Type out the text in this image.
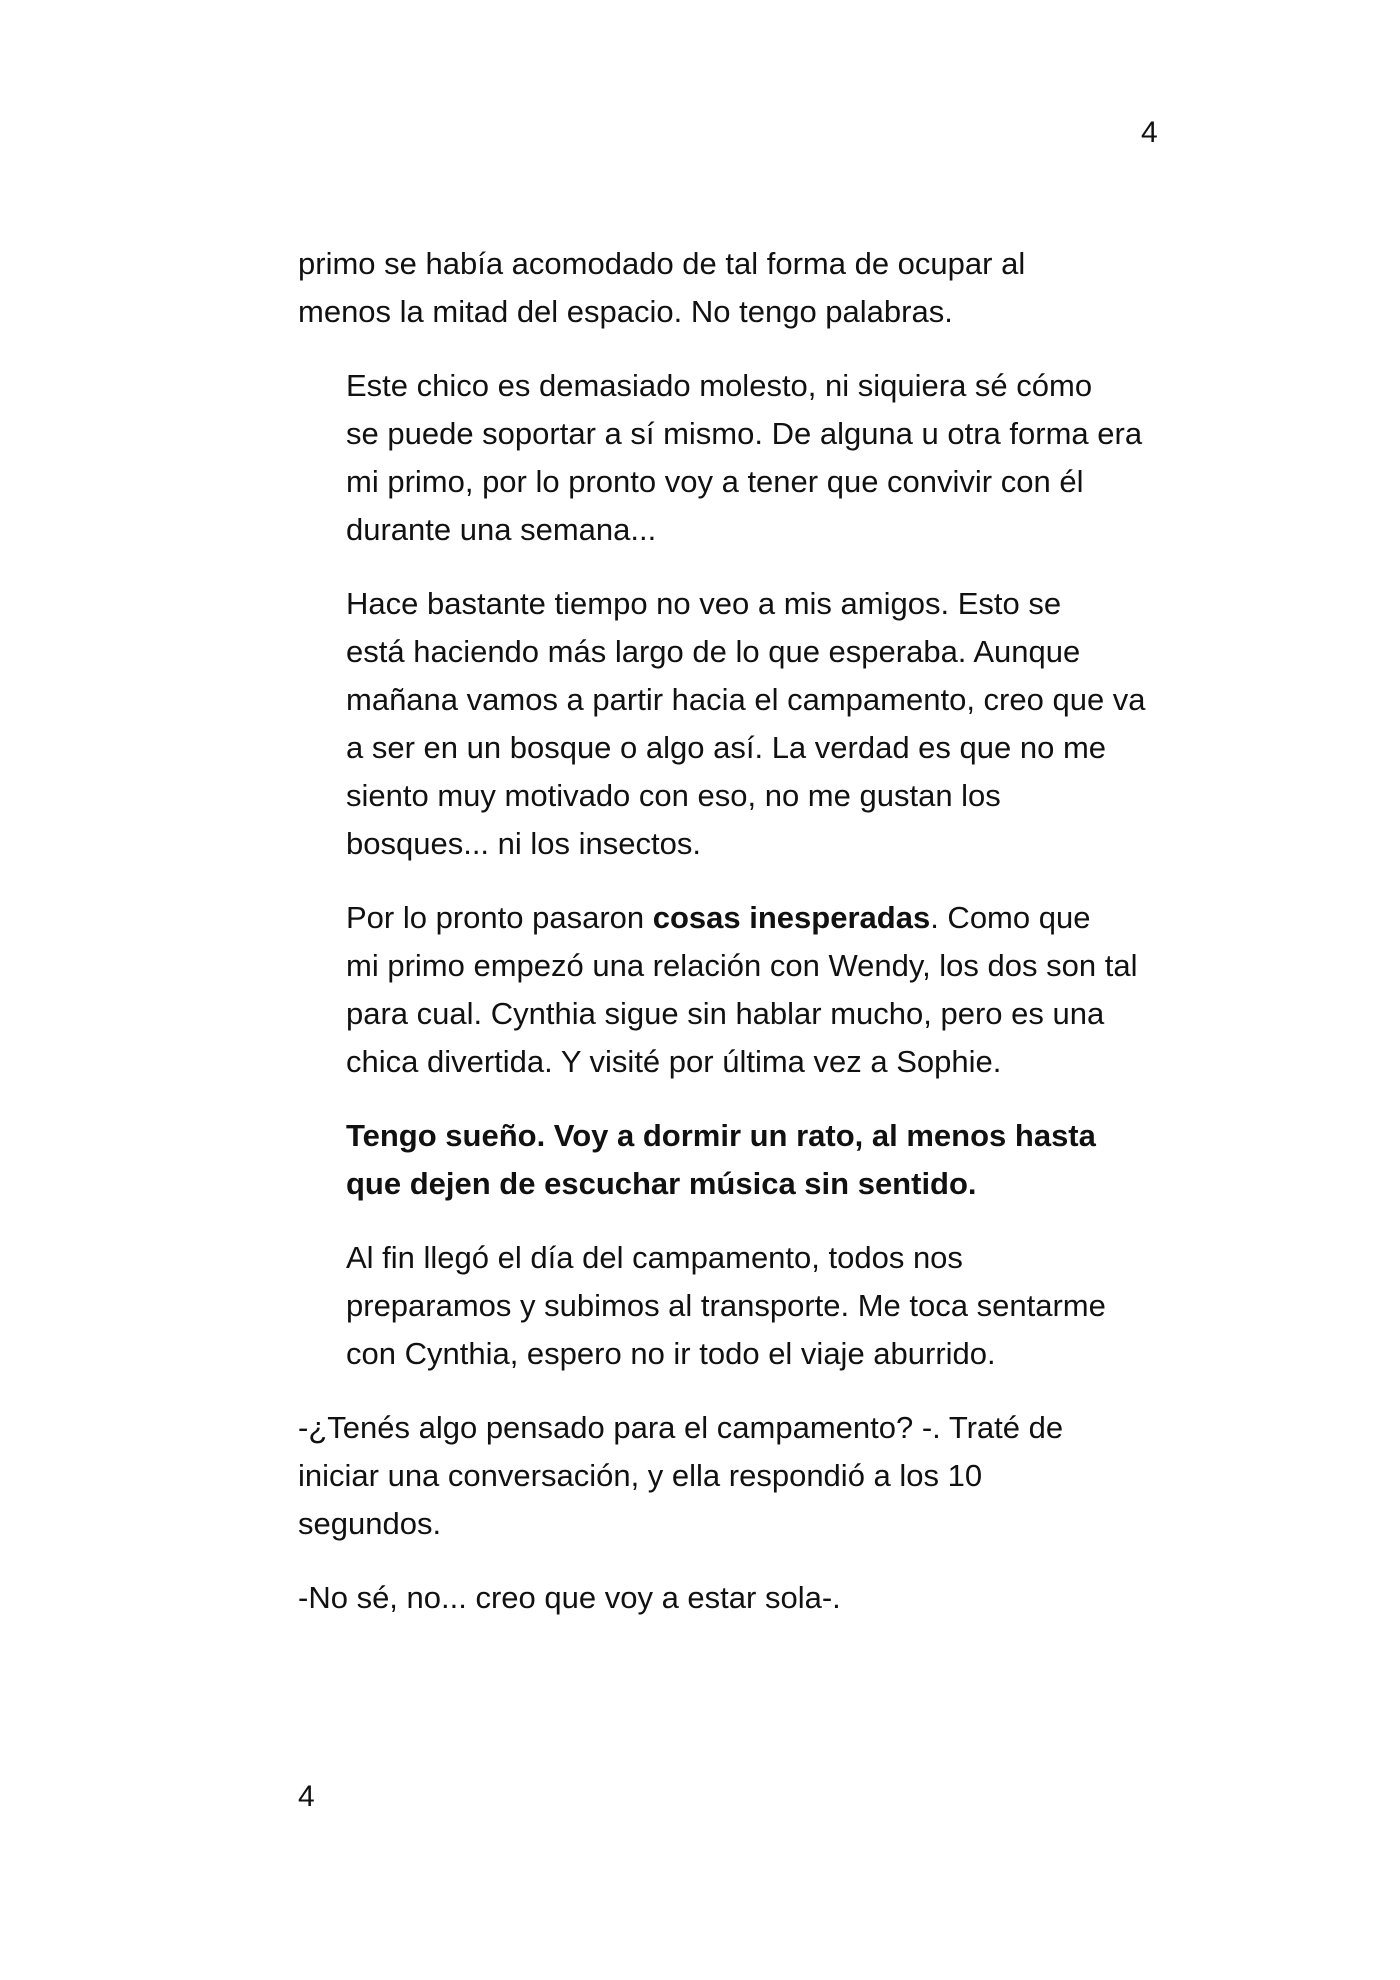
4

primo se había acomodado de tal forma de ocupar al
menos la mitad del espacio. No tengo palabras.

Este chico es demasiado molesto, ni siquiera sé cómo
se puede soportar a sí mismo. De alguna u otra forma era
mi primo, por lo pronto voy a tener que convivir con él
durante una semana...

Hace bastante tiempo no veo a mis amigos. Esto se
está haciendo más largo de lo que esperaba. Aunque
mañana vamos a partir hacia el campamento, creo que va
a ser en un bosque o algo así. La verdad es que no me
siento muy motivado con eso, no me gustan los
bosques... ni los insectos.

Por lo pronto pasaron cosas inesperadas. Como que
mi primo empezó una relación con Wendy, los dos son tal
para cual. Cynthia sigue sin hablar mucho, pero es una
chica divertida. Y visité por última vez a Sophie.

Tengo sueño. Voy a dormir un rato, al menos hasta
que dejen de escuchar música sin sentido.

Al fin llegó el día del campamento, todos nos
preparamos y subimos al transporte. Me toca sentarme
con Cynthia, espero no ir todo el viaje aburrido.

-¿Tenés algo pensado para el campamento? -. Traté de
iniciar una conversación, y ella respondió a los 10
segundos.

-No sé, no... creo que voy a estar sola-.

4
